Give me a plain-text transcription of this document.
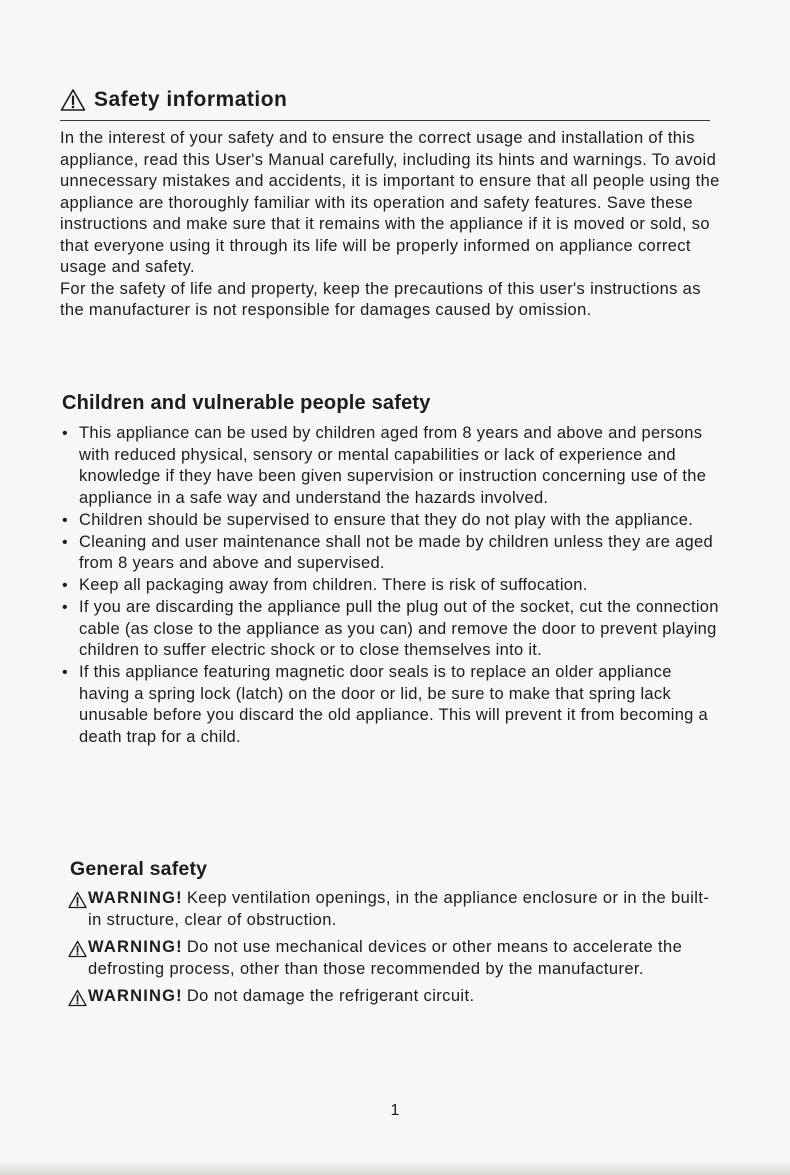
Safety information

In the interest of your safety and to ensure the correct usage and installation of this appliance, read this User's Manual carefully, including its hints and warnings. To avoid unnecessary mistakes and accidents, it is important to ensure that all people using the appliance are thoroughly familiar with its operation and safety features. Save these instructions and make sure that it remains with the appliance if it is moved or sold, so that everyone using it through its life will be properly informed on appliance correct usage and safety.

For the safety of life and property, keep the precautions of this user's instructions as the manufacturer is not responsible for damages caused by omission.

Children and vulnerable people safety
• This appliance can be used by children aged from 8 years and above and persons with reduced physical, sensory or mental capabilities or lack of experience and knowledge if they have been given supervision or instruction concerning use of the appliance in a safe way and understand the hazards involved.
• Children should be supervised to ensure that they do not play with the appliance.
• Cleaning and user maintenance shall not be made by children unless they are aged from 8 years and above and supervised.
• Keep all packaging away from children. There is risk of suffocation.
• If you are discarding the appliance pull the plug out of the socket, cut the connection cable (as close to the appliance as you can) and remove the door to prevent playing children to suffer electric shock or to close themselves into it.
• If this appliance featuring magnetic door seals is to replace an older appliance having a spring lock (latch) on the door or lid, be sure to make that spring lack unusable before you discard the old appliance. This will prevent it from becoming a death trap for a child.
General safety
WARNING! Keep ventilation openings, in the appliance enclosure or in the built-in structure, clear of obstruction.
WARNING! Do not use mechanical devices or other means to accelerate the defrosting process, other than those recommended by the manufacturer.
WARNING! Do not damage the refrigerant circuit.
1
